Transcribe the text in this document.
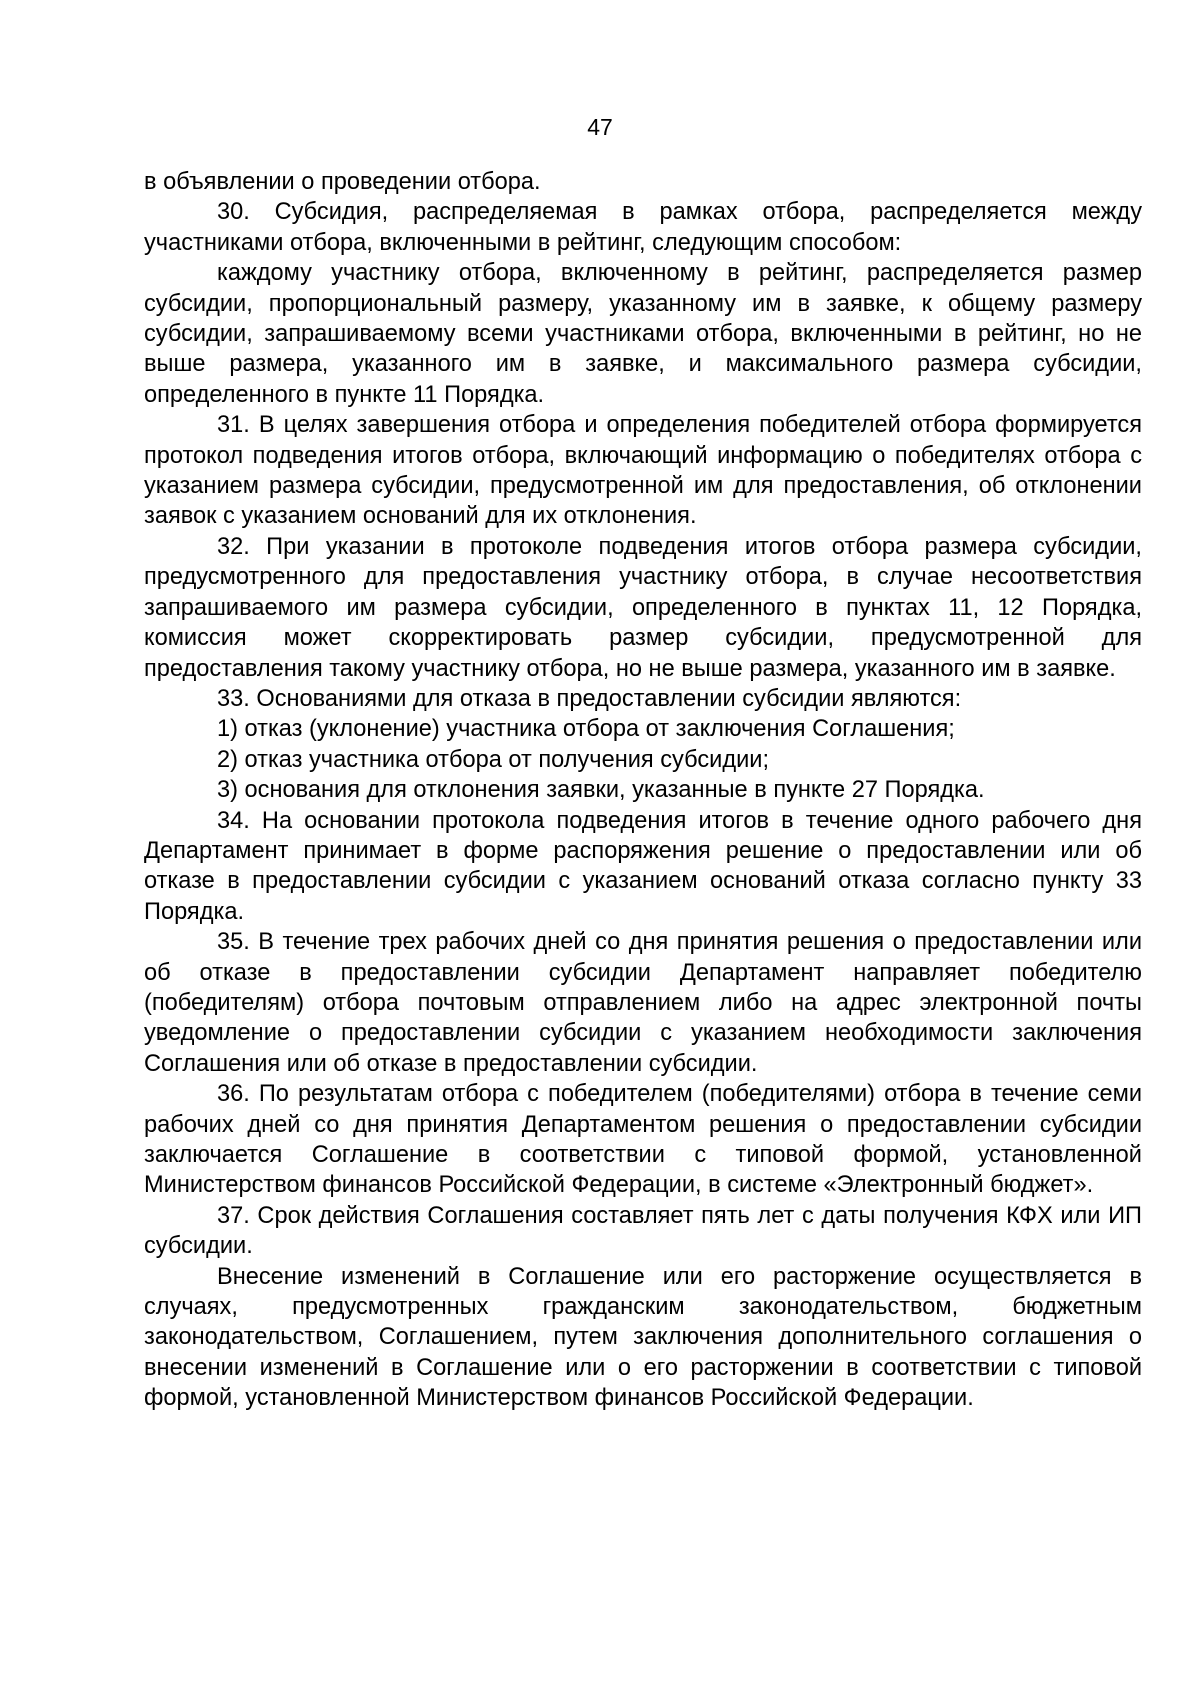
47

в объявлении о проведении отбора.

30. Субсидия, распределяемая в рамках отбора, распределяется между участниками отбора, включенными в рейтинг, следующим способом:

каждому участнику отбора, включенному в рейтинг, распределяется размер субсидии, пропорциональный размеру, указанному им в заявке, к общему размеру субсидии, запрашиваемому всеми участниками отбора, включенными в рейтинг, но не выше размера, указанного им в заявке, и максимального размера субсидии, определенного в пункте 11 Порядка.

31. В целях завершения отбора и определения победителей отбора формируется протокол подведения итогов отбора, включающий информацию о победителях отбора с указанием размера субсидии, предусмотренной им для предоставления, об отклонении заявок с указанием оснований для их отклонения.

32. При указании в протоколе подведения итогов отбора размера субсидии, предусмотренного для предоставления участнику отбора, в случае несоответствия запрашиваемого им размера субсидии, определенного в пунктах 11, 12 Порядка, комиссия может скорректировать размер субсидии, предусмотренной для предоставления такому участнику отбора, но не выше размера, указанного им в заявке.

33. Основаниями для отказа в предоставлении субсидии являются:

1) отказ (уклонение) участника отбора от заключения Соглашения;

2) отказ участника отбора от получения субсидии;

3) основания для отклонения заявки, указанные в пункте 27 Порядка.

34. На основании протокола подведения итогов в течение одного рабочего дня Департамент принимает в форме распоряжения решение о предоставлении или об отказе в предоставлении субсидии с указанием оснований отказа согласно пункту 33 Порядка.

35. В течение трех рабочих дней со дня принятия решения о предоставлении или об отказе в предоставлении субсидии Департамент направляет победителю (победителям) отбора почтовым отправлением либо на адрес электронной почты уведомление о предоставлении субсидии с указанием необходимости заключения Соглашения или об отказе в предоставлении субсидии.

36. По результатам отбора с победителем (победителями) отбора в течение семи рабочих дней со дня принятия Департаментом решения о предоставлении субсидии заключается Соглашение в соответствии с типовой формой, установленной Министерством финансов Российской Федерации, в системе «Электронный бюджет».

37. Срок действия Соглашения составляет пять лет с даты получения КФХ или ИП субсидии.

Внесение изменений в Соглашение или его расторжение осуществляется в случаях, предусмотренных гражданским законодательством, бюджетным законодательством, Соглашением, путем заключения дополнительного соглашения о внесении изменений в Соглашение или о его расторжении в соответствии с типовой формой, установленной Министерством финансов Российской Федерации.
